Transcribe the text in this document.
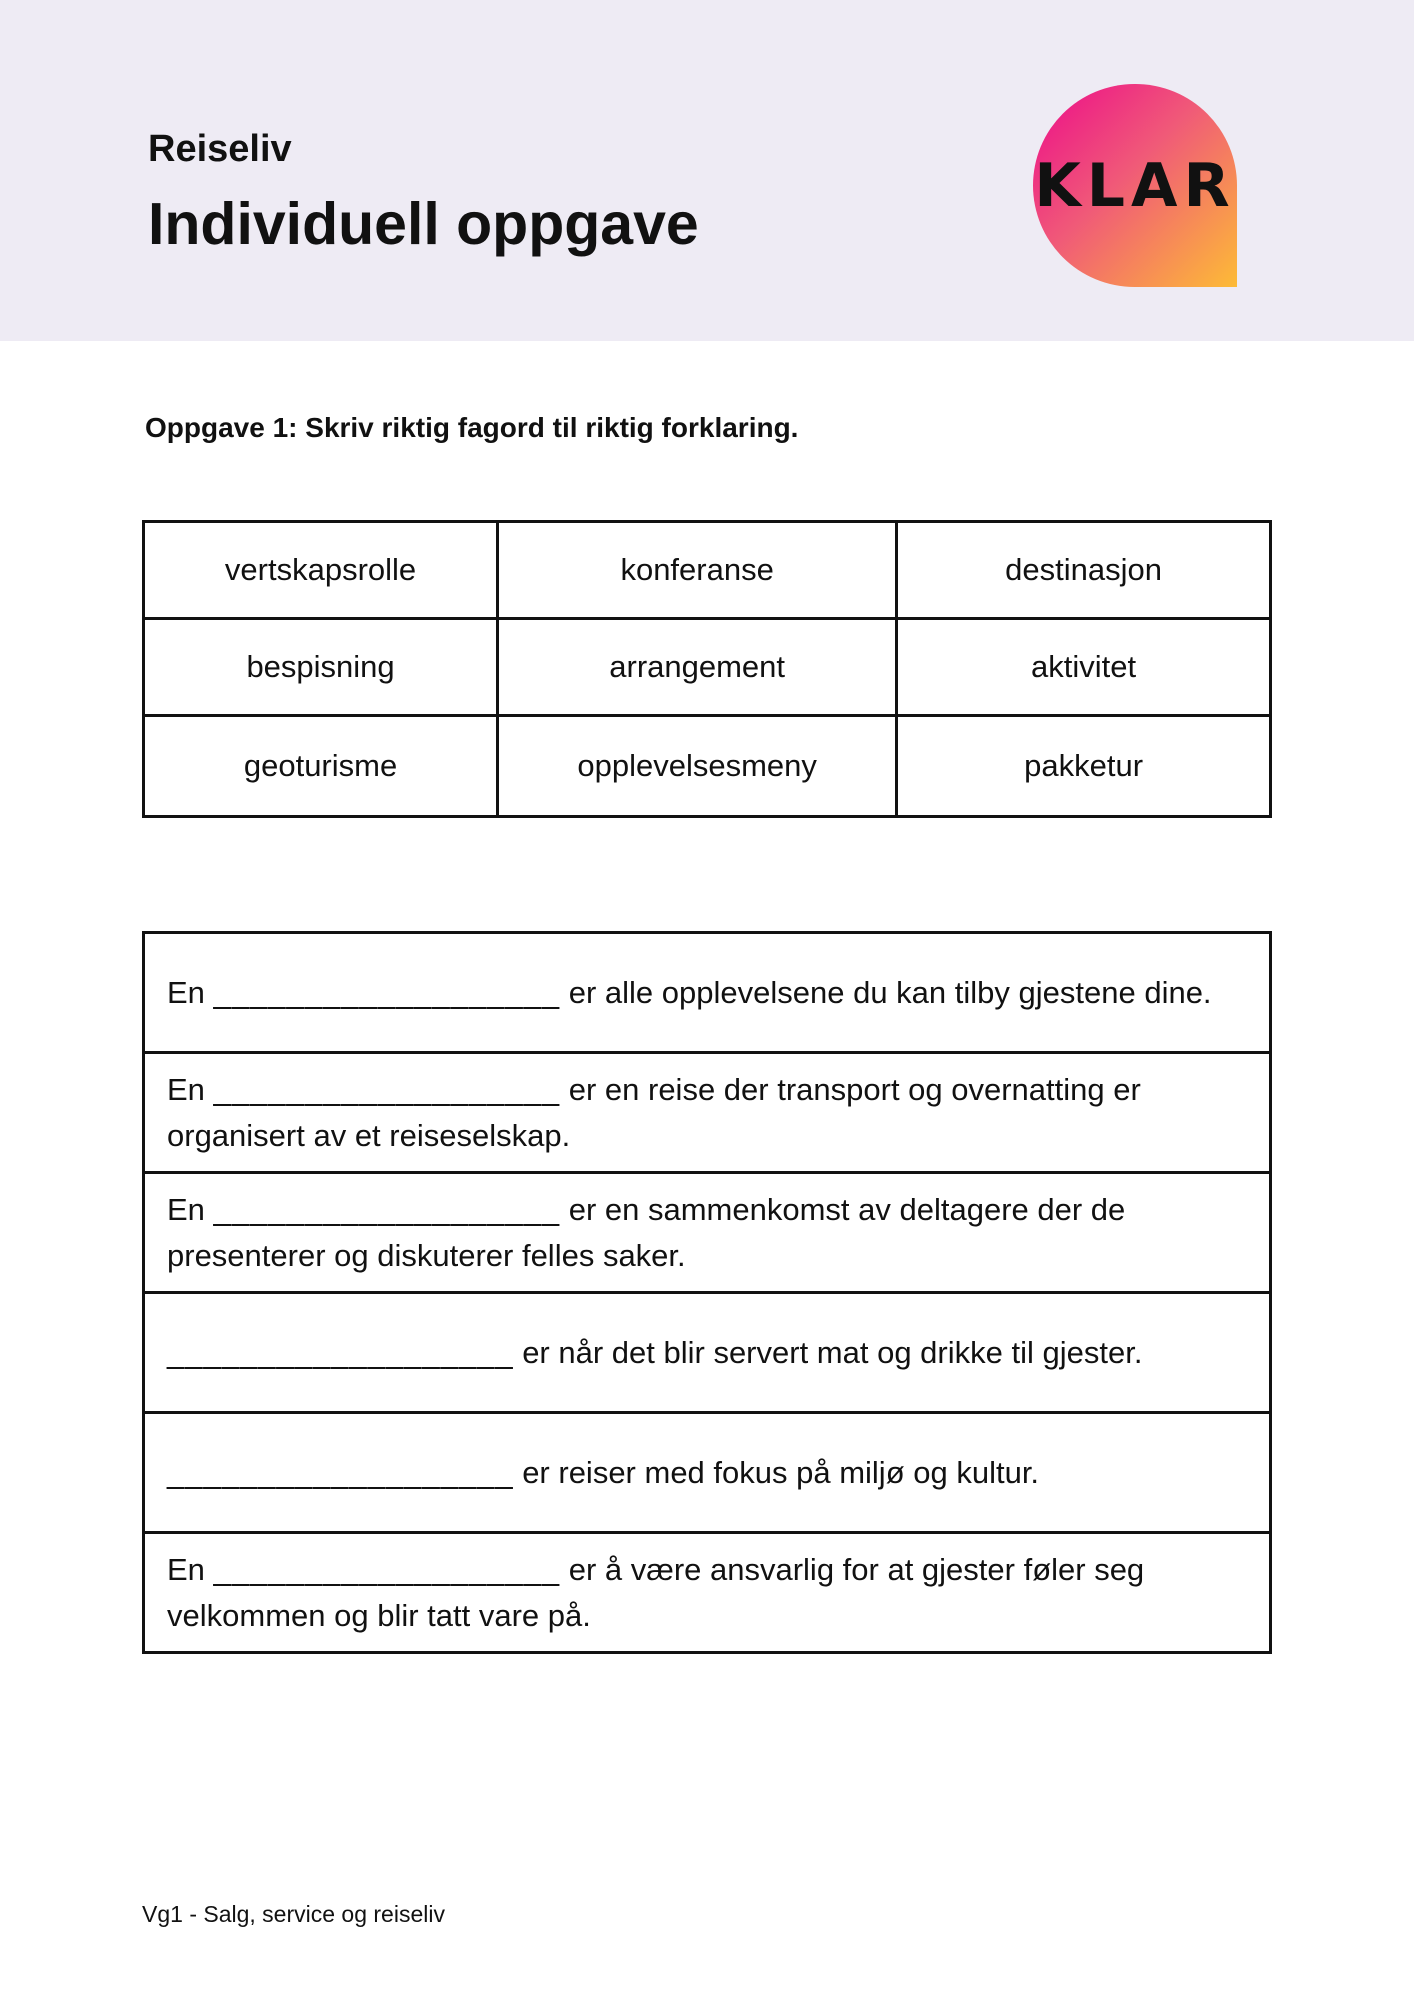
Reiseliv

Individuell oppgave
KLAR

Oppgave 1: Skriv riktig fagord til riktig forklaring.

vertskapsrolle	konferanse	destinasjon
bespisning	arrangement	aktivitet
geoturisme	opplevelsesmeny	pakketur
En ___________________ er alle opplevelsene du kan tilby gjestene dine.
En ___________________ er en reise der transport og overnatting er organisert av et reiseselskap.
En ___________________ er en sammenkomst av deltagere der de presenterer og diskuterer felles saker.
___________________ er når det blir servert mat og drikke til gjester.
___________________ er reiser med fokus på miljø og kultur.
En ___________________ er å være ansvarlig for at gjester føler seg velkommen og blir tatt vare på.

Vg1 - Salg, service og reiseliv
